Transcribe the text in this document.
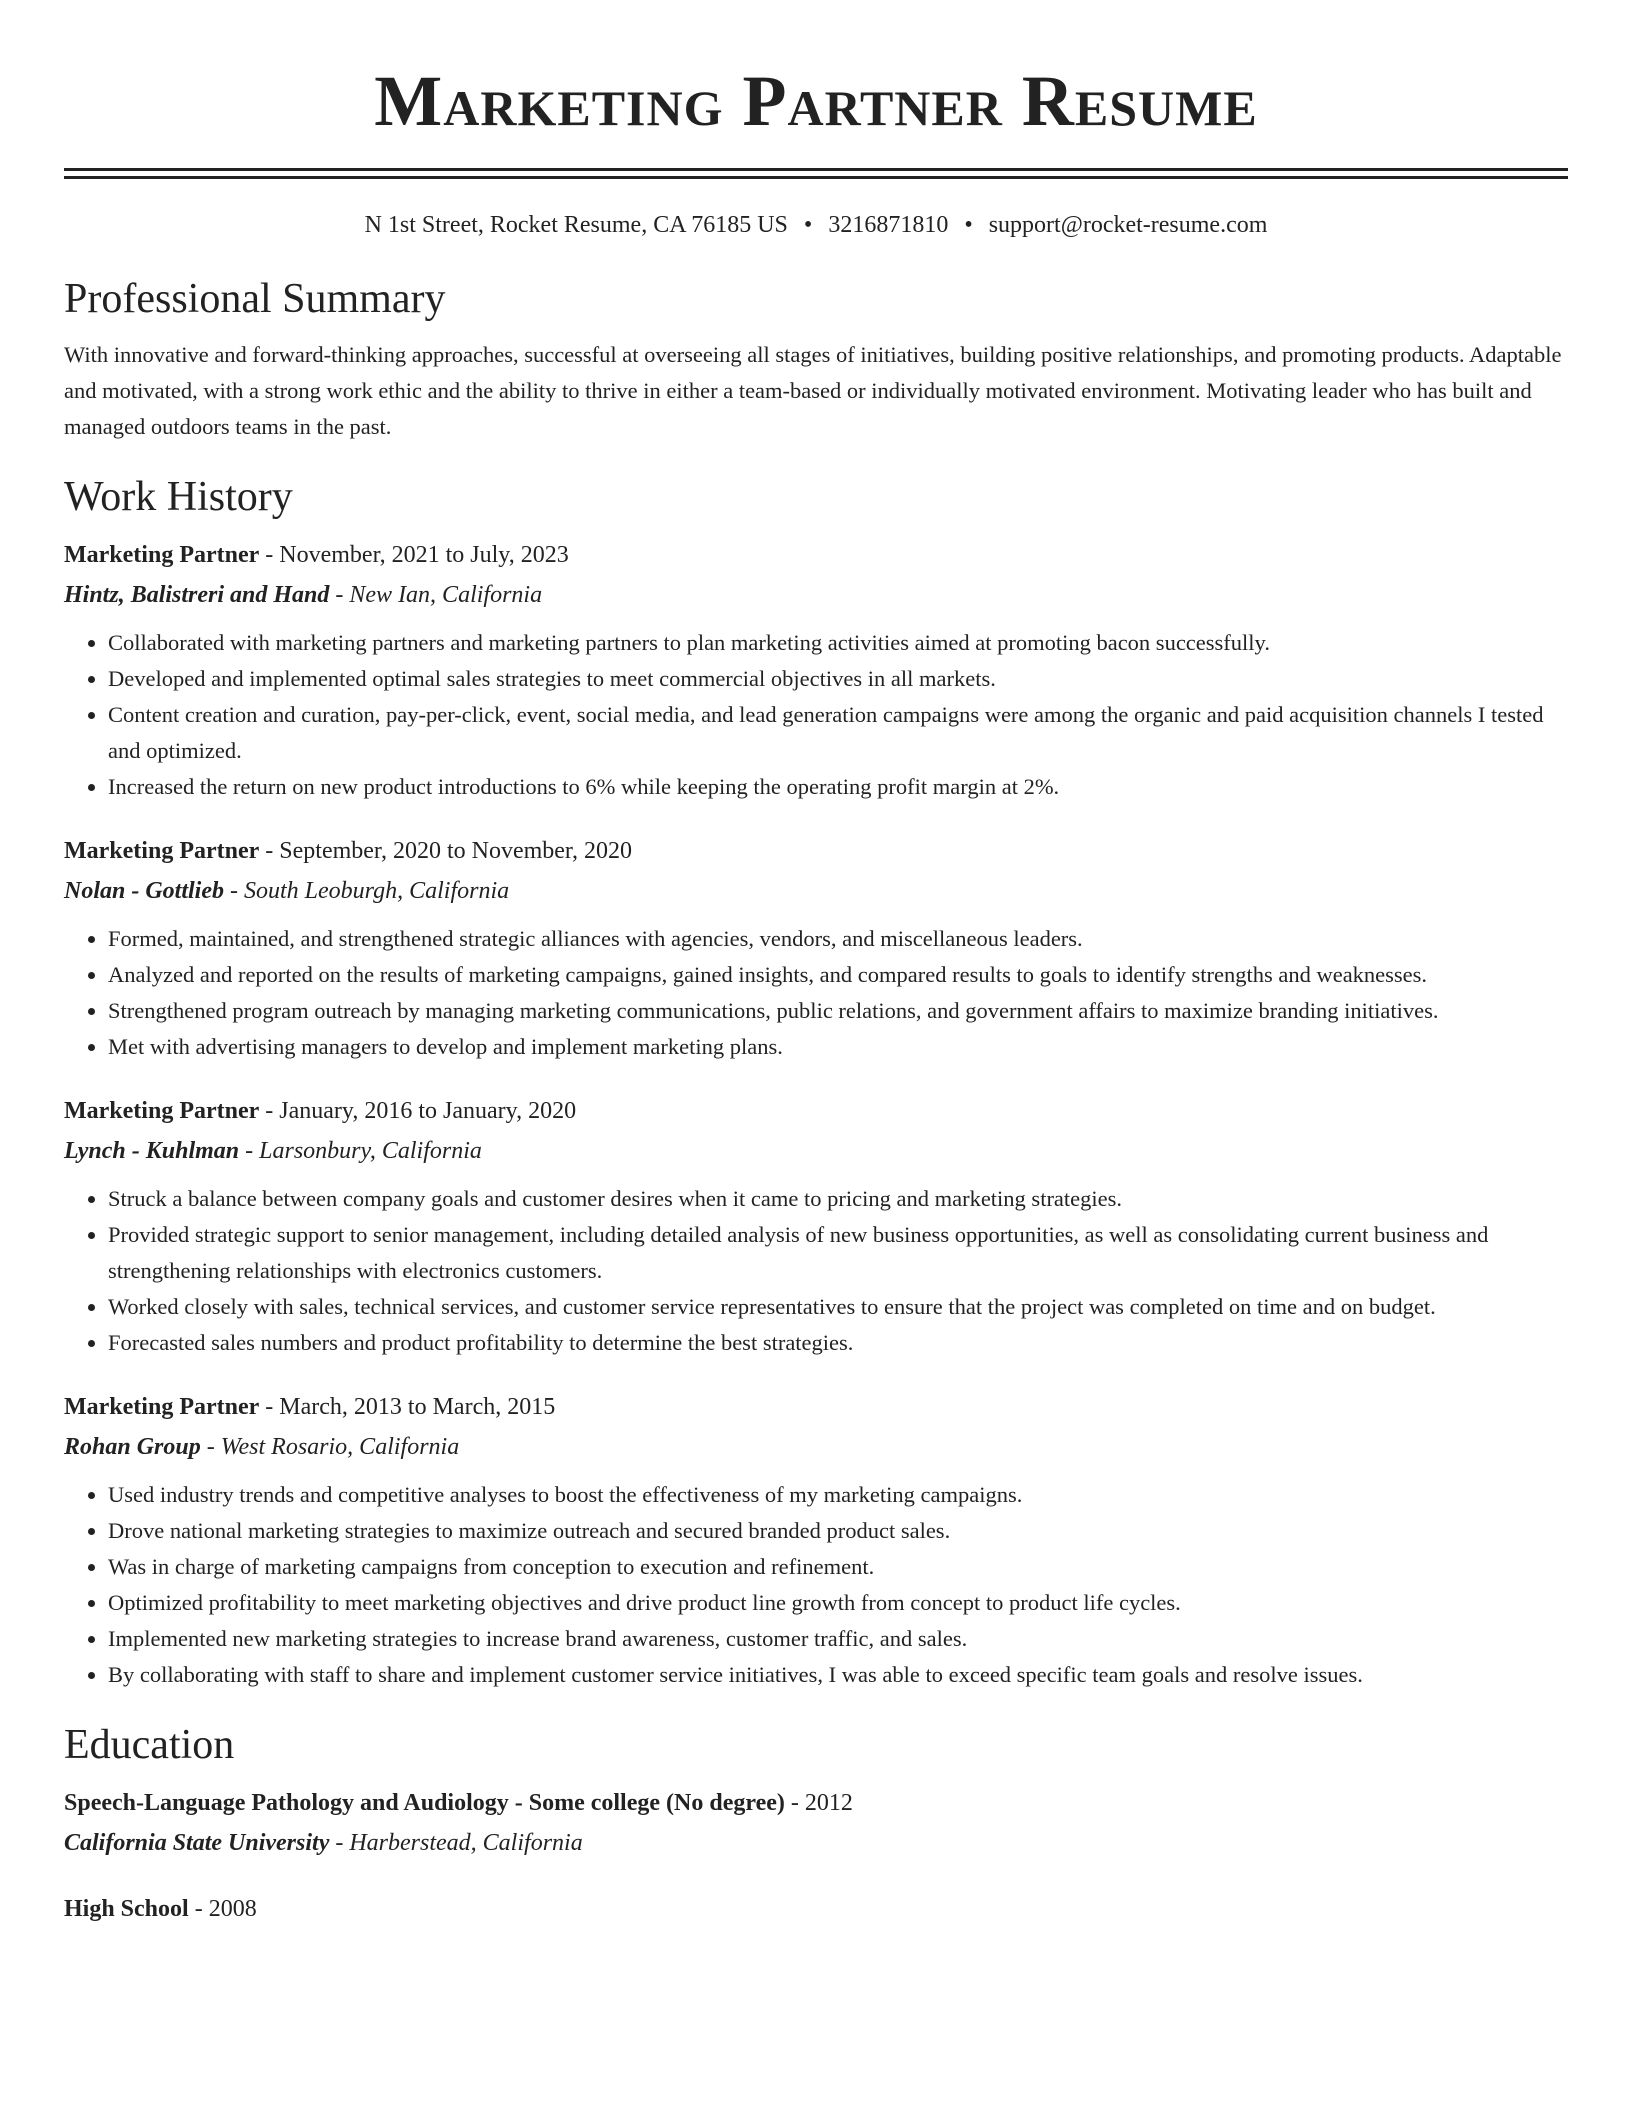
Marketing Partner Resume
N 1st Street, Rocket Resume, CA 76185 US • 3216871810 • support@rocket-resume.com
Professional Summary

With innovative and forward-thinking approaches, successful at overseeing all stages of initiatives, building positive relationships, and promoting products. Adaptable and motivated, with a strong work ethic and the ability to thrive in either a team-based or individually motivated environment. Motivating leader who has built and managed outdoors teams in the past.

Work History
Marketing Partner - November, 2021 to July, 2023
Hintz, Balistreri and Hand - New Ian, California
• Collaborated with marketing partners and marketing partners to plan marketing activities aimed at promoting bacon successfully.
• Developed and implemented optimal sales strategies to meet commercial objectives in all markets.
• Content creation and curation, pay-per-click, event, social media, and lead generation campaigns were among the organic and paid acquisition channels I tested and optimized.
• Increased the return on new product introductions to 6% while keeping the operating profit margin at 2%.
Marketing Partner - September, 2020 to November, 2020
Nolan - Gottlieb - South Leoburgh, California
• Formed, maintained, and strengthened strategic alliances with agencies, vendors, and miscellaneous leaders.
• Analyzed and reported on the results of marketing campaigns, gained insights, and compared results to goals to identify strengths and weaknesses.
• Strengthened program outreach by managing marketing communications, public relations, and government affairs to maximize branding initiatives.
• Met with advertising managers to develop and implement marketing plans.
Marketing Partner - January, 2016 to January, 2020
Lynch - Kuhlman - Larsonbury, California
• Struck a balance between company goals and customer desires when it came to pricing and marketing strategies.
• Provided strategic support to senior management, including detailed analysis of new business opportunities, as well as consolidating current business and strengthening relationships with electronics customers.
• Worked closely with sales, technical services, and customer service representatives to ensure that the project was completed on time and on budget.
• Forecasted sales numbers and product profitability to determine the best strategies.
Marketing Partner - March, 2013 to March, 2015
Rohan Group - West Rosario, California
• Used industry trends and competitive analyses to boost the effectiveness of my marketing campaigns.
• Drove national marketing strategies to maximize outreach and secured branded product sales.
• Was in charge of marketing campaigns from conception to execution and refinement.
• Optimized profitability to meet marketing objectives and drive product line growth from concept to product life cycles.
• Implemented new marketing strategies to increase brand awareness, customer traffic, and sales.
• By collaborating with staff to share and implement customer service initiatives, I was able to exceed specific team goals and resolve issues.
Education
Speech-Language Pathology and Audiology - Some college (No degree) - 2012
California State University - Harberstead, California
High School - 2008
